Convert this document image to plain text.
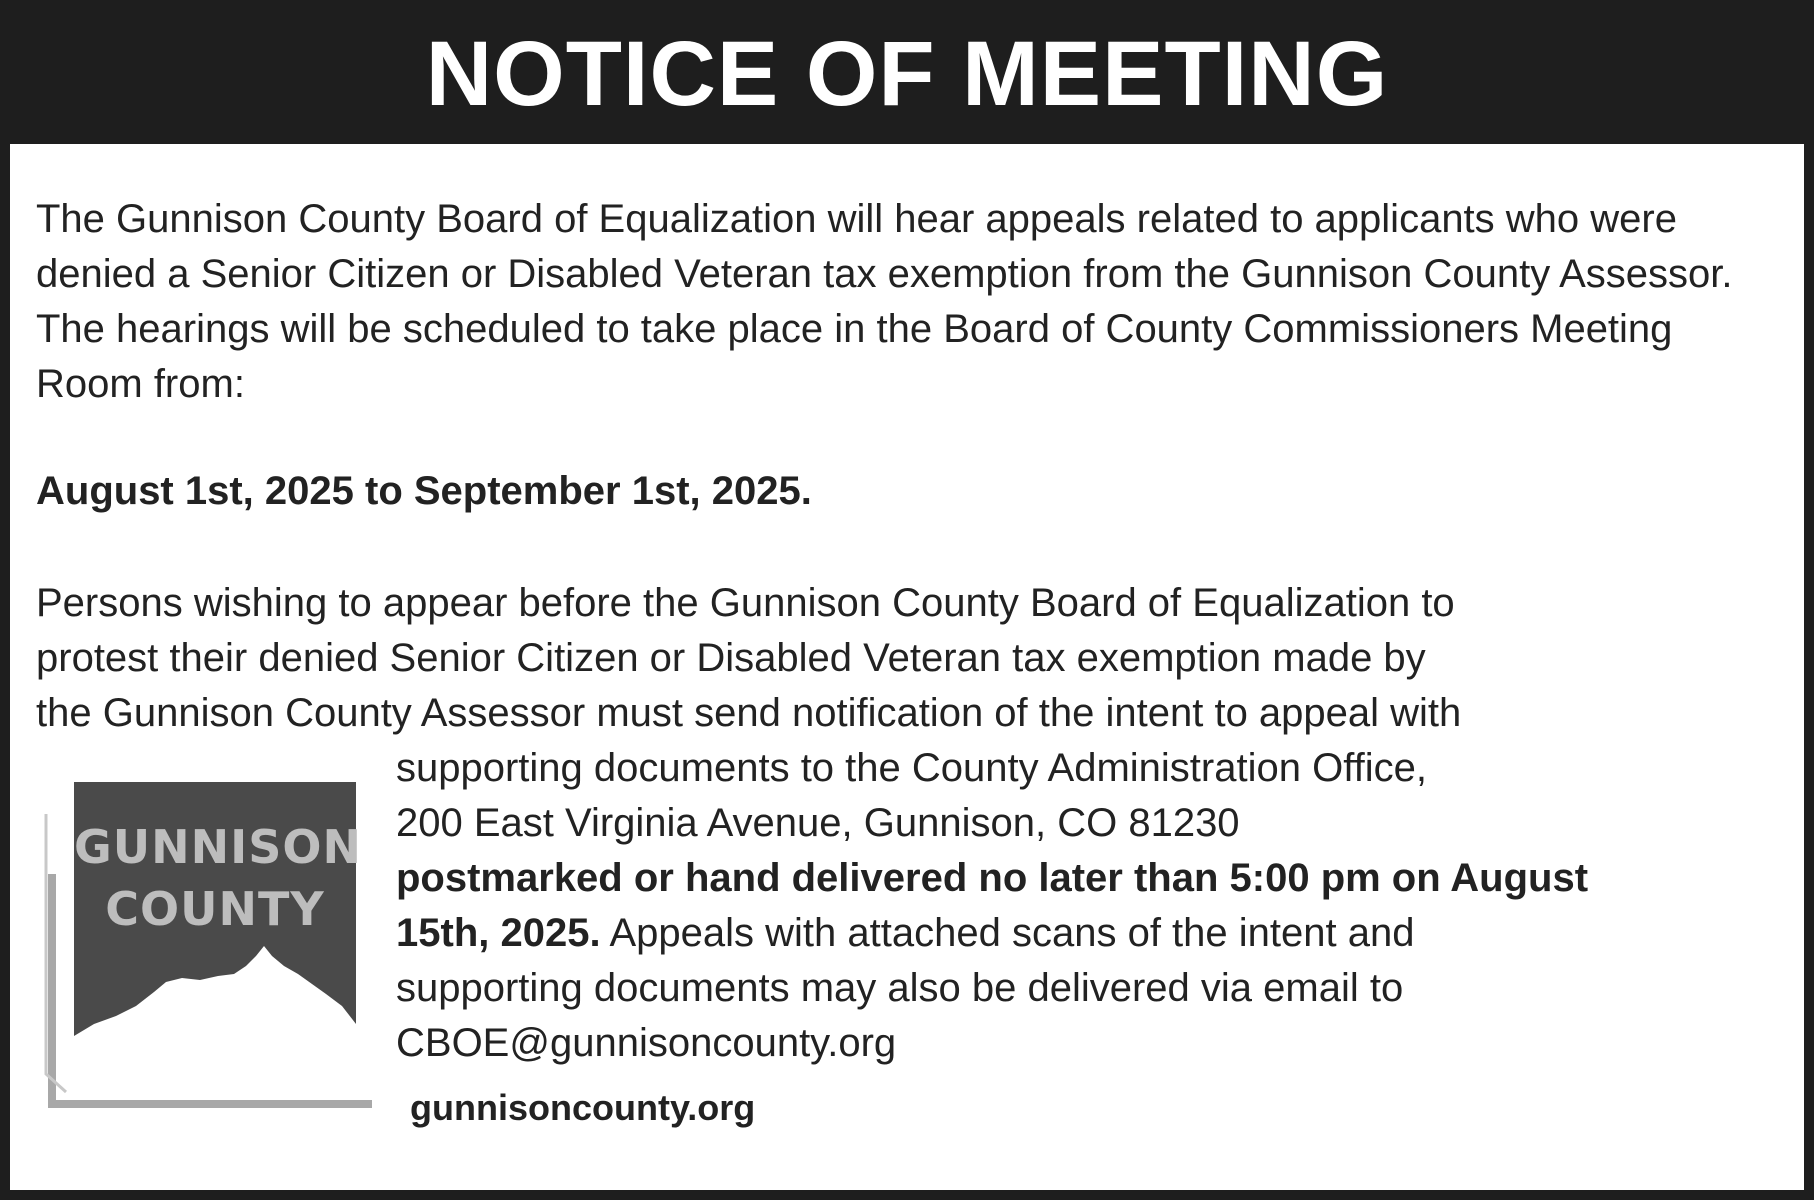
NOTICE OF MEETING

The Gunnison County Board of Equalization will hear appeals related to applicants who were denied a Senior Citizen or Disabled Veteran tax exemption from the Gunnison County Assessor. The hearings will be scheduled to take place in the Board of County Commissioners Meeting Room from:

August 1st, 2025 to September 1st, 2025.

Persons wishing to appear before the Gunnison County Board of Equalization to
protest their denied Senior Citizen or Disabled Veteran tax exemption made by
the Gunnison County Assessor must send notification of the intent to appeal with

supporting documents to the County Administration Office,
200 East Virginia Avenue, Gunnison, CO 81230
postmarked or hand delivered no later than 5:00 pm on August
15th, 2025. Appeals with attached scans of the intent and
supporting documents may also be delivered via email to
CBOE@gunnisoncounty.org
gunnisoncounty.org
GUNNISON
COUNTY
